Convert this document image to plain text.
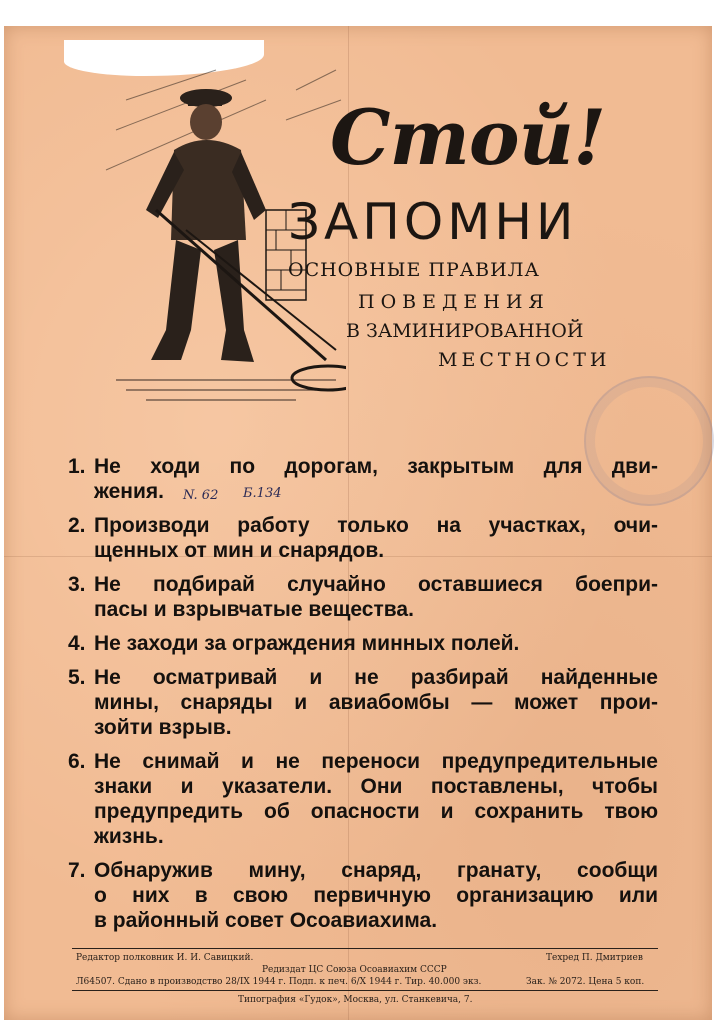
Стой!
ЗАПОМНИ
ОСНОВНЫЕ ПРАВИЛА
ПОВЕДЕНИЯ
В ЗАМИНИРОВАННОЙ
МЕСТНОСТИ
1. Не ходи по дорогам, закрытым для дви-
жения.
2. Производи работу только на участках, очи-
щенных от мин и снарядов.
3. Не подбирай случайно оставшиеся боепри-
пасы и взрывчатые вещества.
4. Не заходи за ограждения минных полей.
5. Не осматривай и не разбирай найденные
мины, снаряды и авиабомбы — может прои-
зойти взрыв.
6. Не снимай и не переноси предупредительные
знаки и указатели. Они поставлены, чтобы
предупредить об опасности и сохранить твою
жизнь.
7. Обнаружив мину, снаряд, гранату, сообщи
о них в свою первичную организацию или
в районный совет Осоавиахима.
N. 62 Б.134
Редактор полковник И. И. Савицкий.	Техред П. Дмитриев
Редиздат ЦС Союза Осоавиахим СССР
Л64507. Сдано в производство 28/IX 1944 г. Подп. к печ. 6/X 1944 г. Тир. 40.000 экз.	Зак. № 2072. Цена 5 коп.
Типография «Гудок», Москва, ул. Станкевича, 7.
